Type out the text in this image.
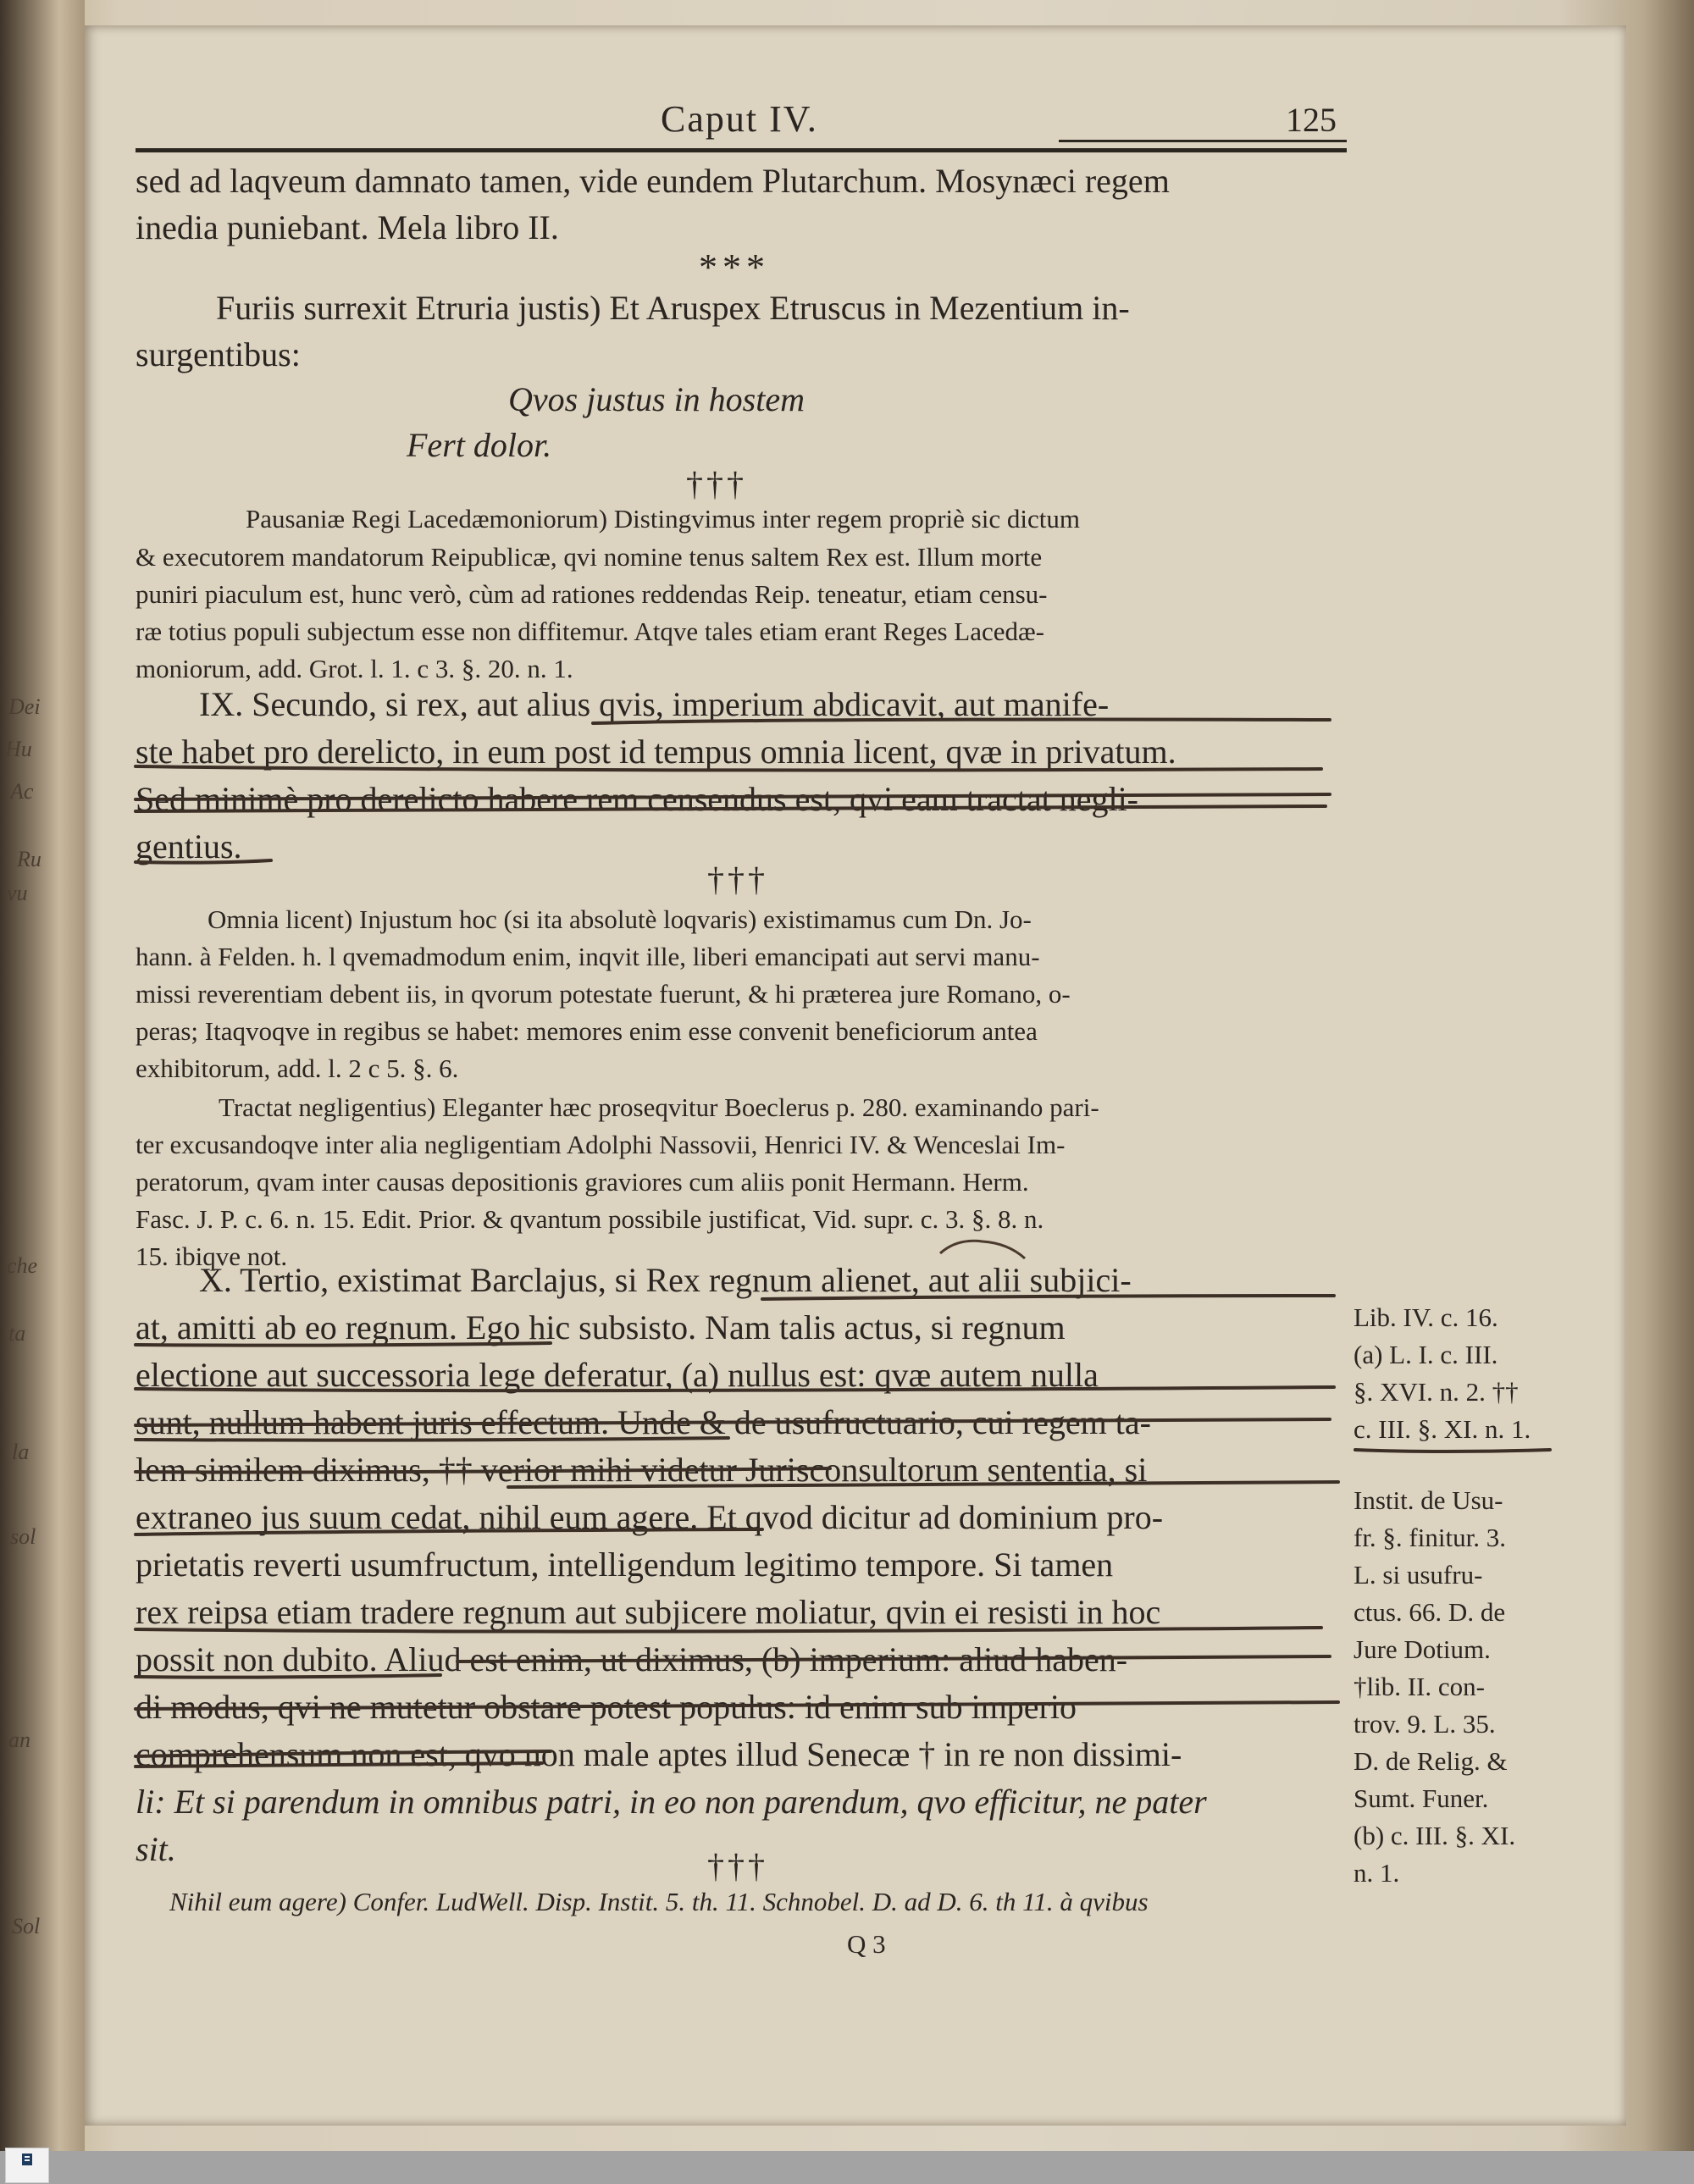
Dei
Hu
Ac
Ru
vu
che
ta
la
sol
an
Sol
Caput IV.	125
sed ad laqveum damnato tamen, vide eundem Plutarchum. Mosynæci regem
inedia puniebant. Mela libro II.
***
Furiis surrexit Etruria justis) Et Aruspex Etruscus in Mezentium in-
surgentibus:
Qvos justus in hostem
Fert dolor.
†††
Pausaniæ Regi Lacedæmoniorum) Distingvimus inter regem propriè sic dictum
& executorem mandatorum Reipublicæ, qvi nomine tenus saltem Rex est. Illum morte
puniri piaculum est, hunc verò, cùm ad rationes reddendas Reip. teneatur, etiam censu-
ræ totius populi subjectum esse non diffitemur. Atqve tales etiam erant Reges Lacedæ-
moniorum, add. Grot. l. 1. c 3. §. 20. n. 1.
IX. Secundo, si rex, aut alius qvis, imperium abdicavit, aut manife-
ste habet pro derelicto, in eum post id tempus omnia licent, qvæ in privatum.
Sed minimè pro derelicto habere rem censendus est, qvi eam tractat negli-
gentius.
†††
Omnia licent) Injustum hoc (si ita absolutè loqvaris) existimamus cum Dn. Jo-
hann. à Felden. h. l qvemadmodum enim, inqvit ille, liberi emancipati aut servi manu-
missi reverentiam debent iis, in qvorum potestate fuerunt, & hi præterea jure Romano, o-
peras; Itaqvoqve in regibus se habet: memores enim esse convenit beneficiorum antea
exhibitorum, add. l. 2 c 5. §. 6.
Tractat negligentius) Eleganter hæc prosеqvitur Boeclerus p. 280. examinando pari-
ter excusandoqve inter alia negligentiam Adolphi Nassovii, Henrici IV. & Wenceslai Im-
peratorum, qvam inter causas depositionis graviores cum aliis ponit Hermann. Herm.
Fasc. J. P. c. 6. n. 15. Edit. Prior. & qvantum possibile justificat, Vid. supr. c. 3. §. 8. n.
15. ibiqve not.
X. Tertio, existimat Barclajus, si Rex regnum alienet, aut alii subjici-
at, amitti ab eo regnum. Ego hic subsisto. Nam talis actus, si regnum
electione aut successoria lege deferatur, (a) nullus est: qvæ autem nulla
sunt, nullum habent juris effectum. Unde & de usufructuario, cui regem ta-
lem similem diximus, †† verior mihi videtur Jurisconsultorum sententia, si
extraneo jus suum cedat, nihil eum agere. Et qvod dicitur ad dominium pro-
prietatis reverti usumfructum, intelligendum legitimo tempore. Si tamen
rex reipsa etiam tradere regnum aut subjicere moliatur, qvin ei resisti in hoc
possit non dubito. Aliud est enim, ut diximus, (b) imperium: aliud haben-
di modus, qvi ne mutetur obstare potest populus: id enim sub imperio
comprehensum non est, qvo non male aptes illud Senecæ † in re non dissimi-
li: Et si parendum in omnibus patri, in eo non parendum, qvo efficitur, ne pater
sit.	†††
Nihil eum agere) Confer. LudWell. Disp. Instit. 5. th. 11. Schnobel. D. ad D. 6. th 11. à qvibus
Q 3
Lib. IV. c. 16.
(a) L. I. c. III.
§. XVI. n. 2. ††
c. III. §. XI. n. 1.
Instit. de Usu-
fr. §. finitur. 3.
L. si usufru-
ctus. 66. D. de
Jure Dotium.
†lib. II. con-
trov. 9. L. 35.
D. de Relig. &
Sumt. Funer.
(b) c. III. §. XI.
n. 1.
